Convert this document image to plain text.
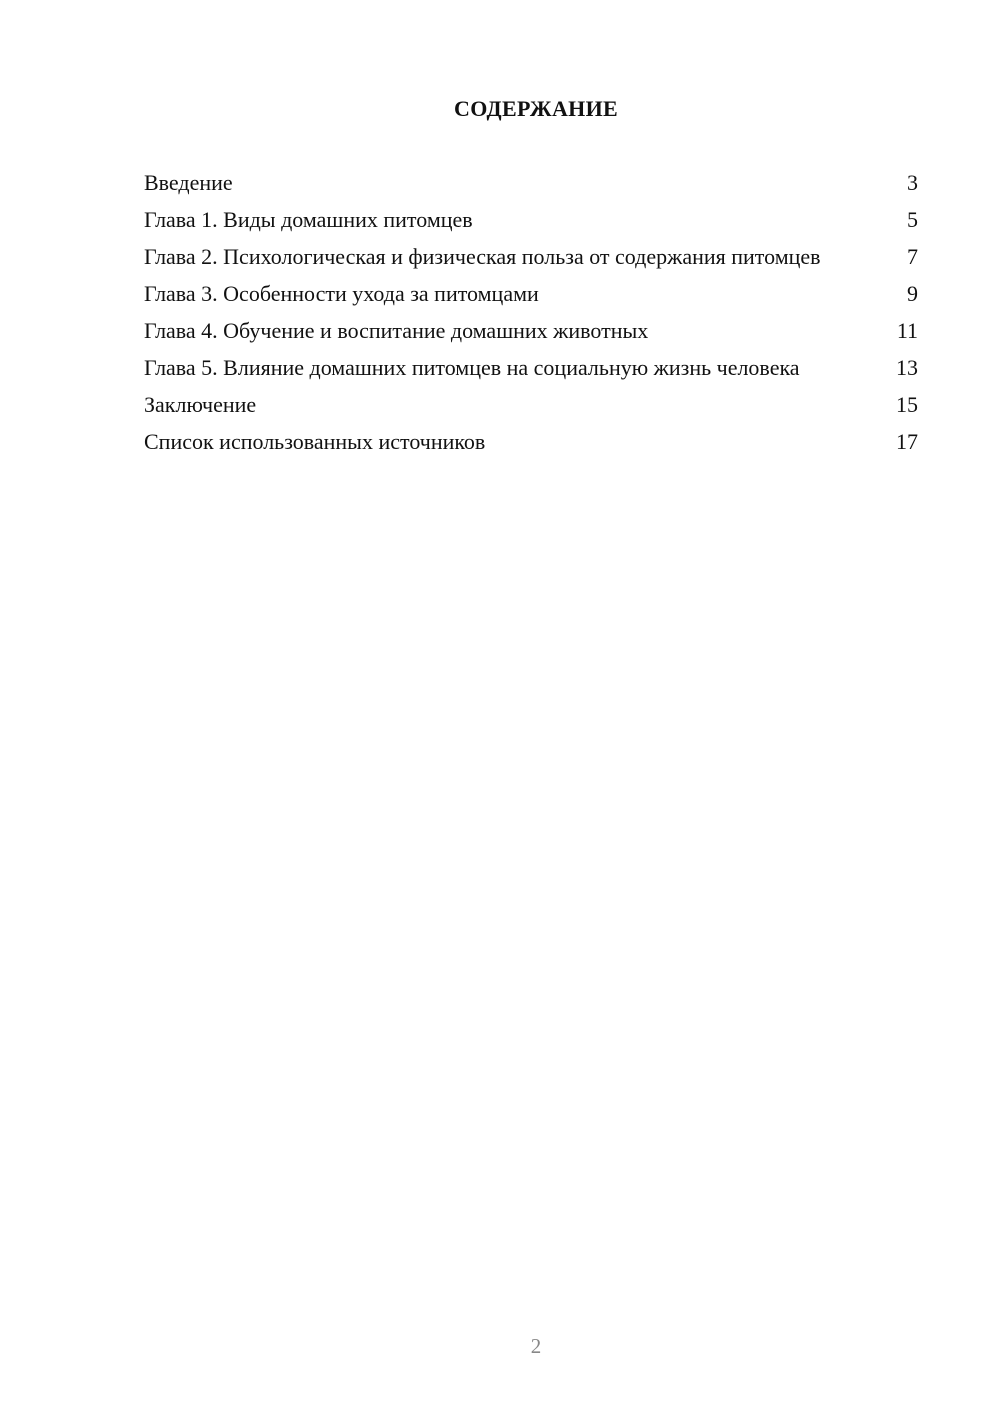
СОДЕРЖАНИЕ
Введение	3
Глава 1. Виды домашних питомцев	5
Глава 2. Психологическая и физическая польза от содержания питомцев	7
Глава 3. Особенности ухода за питомцами	9
Глава 4. Обучение и воспитание домашних животных	11
Глава 5. Влияние домашних питомцев на социальную жизнь человека	13
Заключение	15
Список использованных источников	17
2
